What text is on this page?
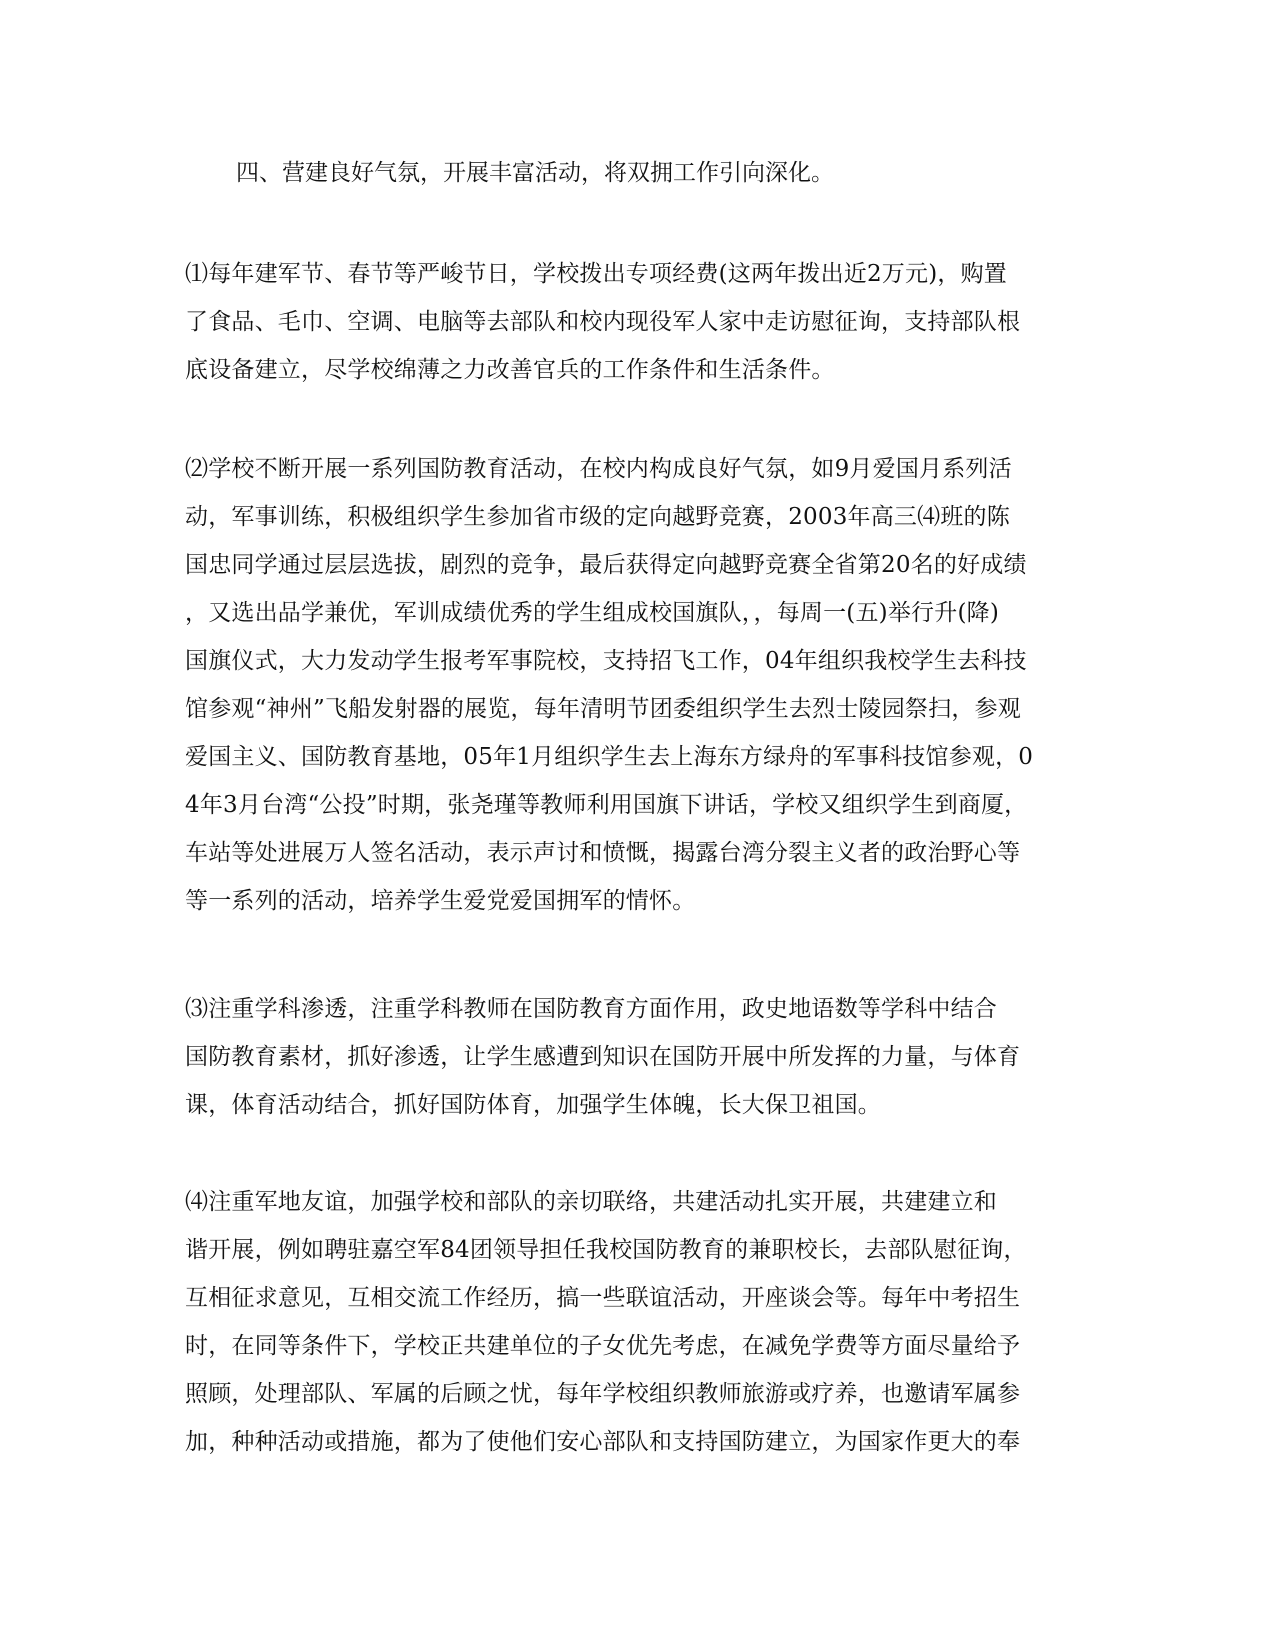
四、营建良好气氛，开展丰富活动，将双拥工作引向深化。
⑴每年建军节、春节等严峻节日，学校拨出专项经费(这两年拨出近2万元)，购置
了食品、毛巾、空调、电脑等去部队和校内现役军人家中走访慰征询，支持部队根
底设备建立，尽学校绵薄之力改善官兵的工作条件和生活条件。
⑵学校不断开展一系列国防教育活动，在校内构成良好气氛，如9月爱国月系列活
动，军事训练，积极组织学生参加省市级的定向越野竞赛，2003年高三⑷班的陈
国忠同学通过层层选拔，剧烈的竞争，最后获得定向越野竞赛全省第20名的好成绩
，又选出品学兼优，军训成绩优秀的学生组成校国旗队，，每周一(五)举行升(降)
国旗仪式，大力发动学生报考军事院校，支持招飞工作，04年组织我校学生去科技
馆参观“神州”飞船发射器的展览，每年清明节团委组织学生去烈士陵园祭扫，参观
爱国主义、国防教育基地，05年1月组织学生去上海东方绿舟的军事科技馆参观，0
4年3月台湾“公投”时期，张尧瑾等教师利用国旗下讲话，学校又组织学生到商厦，
车站等处进展万人签名活动，表示声讨和愤慨，揭露台湾分裂主义者的政治野心等
等一系列的活动，培养学生爱党爱国拥军的情怀。
⑶注重学科渗透，注重学科教师在国防教育方面作用，政史地语数等学科中结合
国防教育素材，抓好渗透，让学生感遭到知识在国防开展中所发挥的力量，与体育
课，体育活动结合，抓好国防体育，加强学生体魄，长大保卫祖国。
⑷注重军地友谊，加强学校和部队的亲切联络，共建活动扎实开展，共建建立和
谐开展，例如聘驻嘉空军84团领导担任我校国防教育的兼职校长，去部队慰征询，
互相征求意见，互相交流工作经历，搞一些联谊活动，开座谈会等。每年中考招生
时，在同等条件下，学校正共建单位的子女优先考虑，在减免学费等方面尽量给予
照顾，处理部队、军属的后顾之忧，每年学校组织教师旅游或疗养，也邀请军属参
加，种种活动或措施，都为了使他们安心部队和支持国防建立，为国家作更大的奉
